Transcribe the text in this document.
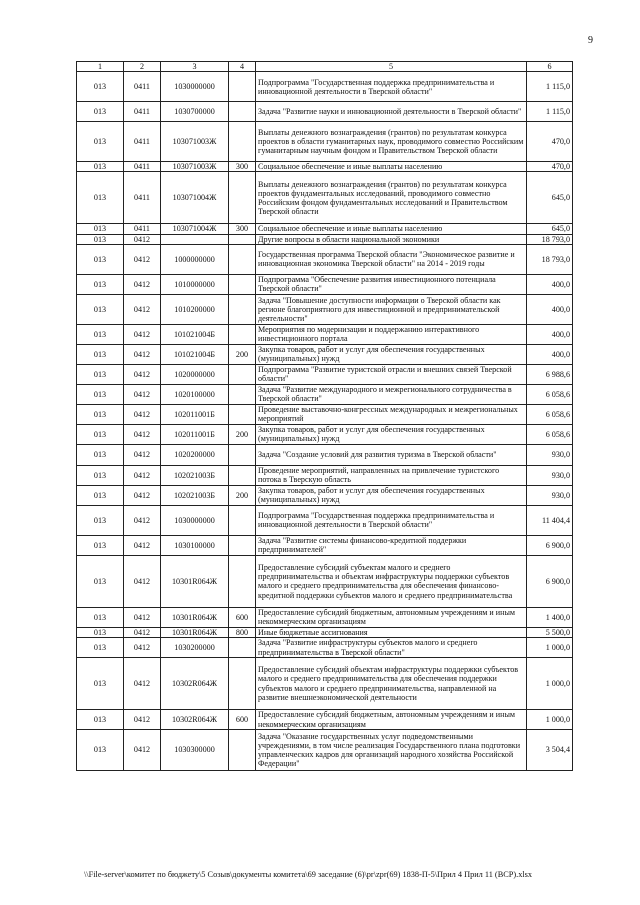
9
1	2	3	4	5	6
013	0411	1030000000		Подпрограмма "Государственная поддержка предпринимательства и инновационной деятельности в Тверской области"	1 115,0
013	0411	1030700000		Задача "Развитие науки и инновационной деятельности в Тверской области"	1 115,0
013	0411	103071003Ж		Выплаты денежного вознаграждения (грантов) по результатам конкурса проектов в области гуманитарных наук, проводимого совместно Российским гуманитарным научным фондом и Правительством Тверской области	470,0
013	0411	103071003Ж	300	Социальное обеспечение и иные выплаты населению	470,0
013	0411	103071004Ж		Выплаты денежного вознаграждения (грантов) по результатам конкурса проектов фундаментальных исследований, проводимого совместно Российским фондом фундаментальных исследований и Правительством Тверской области	645,0
013	0411	103071004Ж	300	Социальное обеспечение и иные выплаты населению	645,0
013	0412			Другие вопросы в области национальной экономики	18 793,0
013	0412	1000000000		Государственная программа Тверской области "Экономическое развитие и инновационная экономика Тверской области" на 2014 - 2019 годы	18 793,0
013	0412	1010000000		Подпрограмма "Обеспечение развития инвестиционного потенциала Тверской области"	400,0
013	0412	1010200000		Задача "Повышение доступности информации о Тверской области как регионе благоприятного для инвестиционной и предпринимательской деятельности"	400,0
013	0412	101021004Б		Мероприятия по модернизации и поддержанию интерактивного инвестиционного портала	400,0
013	0412	101021004Б	200	Закупка товаров, работ и услуг для обеспечения государственных (муниципальных) нужд	400,0
013	0412	1020000000		Подпрограмма "Развитие туристской отрасли и внешних связей Тверской области"	6 988,6
013	0412	1020100000		Задача "Развитие международного и межрегионального сотрудничества в Тверской области"	6 058,6
013	0412	102011001Б		Проведение выставочно-конгрессных международных и межрегиональных мероприятий	6 058,6
013	0412	102011001Б	200	Закупка товаров, работ и услуг для обеспечения государственных (муниципальных) нужд	6 058,6
013	0412	1020200000		Задача "Создание условий для развития туризма в Тверской области"	930,0
013	0412	102021003Б		Проведение мероприятий, направленных на привлечение туристского потока в Тверскую область	930,0
013	0412	102021003Б	200	Закупка товаров, работ и услуг для обеспечения государственных (муниципальных) нужд	930,0
013	0412	1030000000		Подпрограмма "Государственная поддержка предпринимательства и инновационной деятельности в Тверской области"	11 404,4
013	0412	1030100000		Задача "Развитие системы финансово-кредитной поддержки предпринимателей"	6 900,0
013	0412	10301R064Ж		Предоставление субсидий субъектам малого и среднего предпринимательства и объектам инфраструктуры поддержки субъектов малого и среднего предпринимательства для обеспечения финансово-кредитной поддержки субъектов малого и среднего предпринимательства	6 900,0
013	0412	10301R064Ж	600	Предоставление субсидий бюджетным, автономным учреждениям и иным некоммерческим организациям	1 400,0
013	0412	10301R064Ж	800	Иные бюджетные ассигнования	5 500,0
013	0412	1030200000		Задача "Развитие инфраструктуры субъектов малого и среднего предпринимательства в Тверской области"	1 000,0
013	0412	10302R064Ж		Предоставление субсидий объектам инфраструктуры поддержки субъектов малого и среднего предпринимательства для обеспечения поддержки субъектов малого и среднего предпринимательства, направленной на развитие внешнеэкономической деятельности	1 000,0
013	0412	10302R064Ж	600	Предоставление субсидий бюджетным, автономным учреждениям и иным некоммерческим организациям	1 000,0
013	0412	1030300000		Задача "Оказание государственных услуг подведомственными учреждениями, в том числе реализация Государственного плана подготовки управленческих кадров для организаций народного хозяйства Российской Федерации"	3 504,4
\\File-server\комитет по бюджету\5 Созыв\документы комитета\69 заседание (6)\pr\zpr(69) 1838-П-5\Прил 4 Прил 11 (ВСР).xlsx
